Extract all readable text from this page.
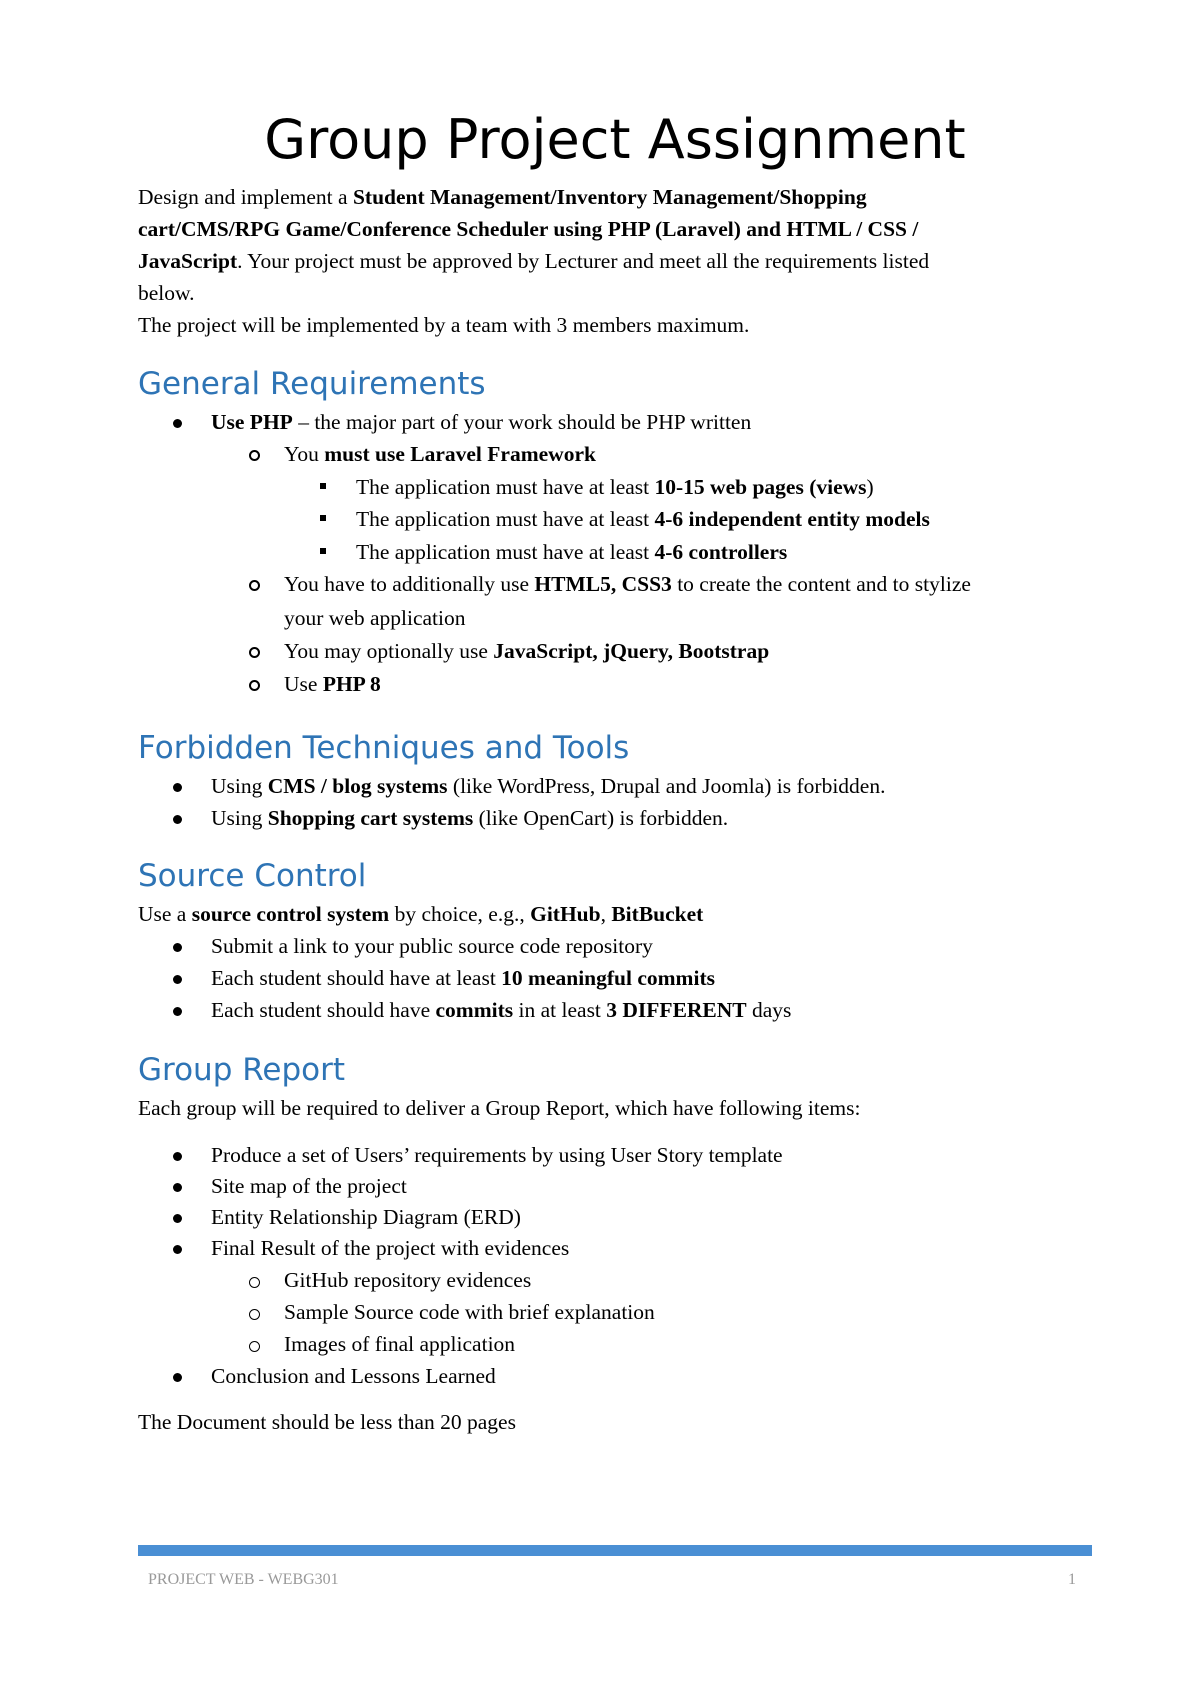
Group Project Assignment
Design and implement a Student Management/Inventory Management/Shopping
cart/CMS/RPG Game/Conference Scheduler using PHP (Laravel) and HTML / CSS /
JavaScript. Your project must be approved by Lecturer and meet all the requirements listed
below.
The project will be implemented by a team with 3 members maximum.
General Requirements
Use PHP – the major part of your work should be PHP written
You must use Laravel Framework
The application must have at least 10-15 web pages (views)
The application must have at least 4-6 independent entity models
The application must have at least 4-6 controllers
You have to additionally use HTML5, CSS3 to create the content and to stylize
your web application
You may optionally use JavaScript, jQuery, Bootstrap
Use PHP 8
Forbidden Techniques and Tools
Using CMS / blog systems (like WordPress, Drupal and Joomla) is forbidden.
Using Shopping cart systems (like OpenCart) is forbidden.
Source Control
Use a source control system by choice, e.g., GitHub, BitBucket
Submit a link to your public source code repository
Each student should have at least 10 meaningful commits
Each student should have commits in at least 3 DIFFERENT days
Group Report
Each group will be required to deliver a Group Report, which have following items:
Produce a set of Users’ requirements by using User Story template
Site map of the project
Entity Relationship Diagram (ERD)
Final Result of the project with evidences
GitHub repository evidences
Sample Source code with brief explanation
Images of final application
Conclusion and Lessons Learned
The Document should be less than 20 pages
PROJECT WEB - WEBG301	1
